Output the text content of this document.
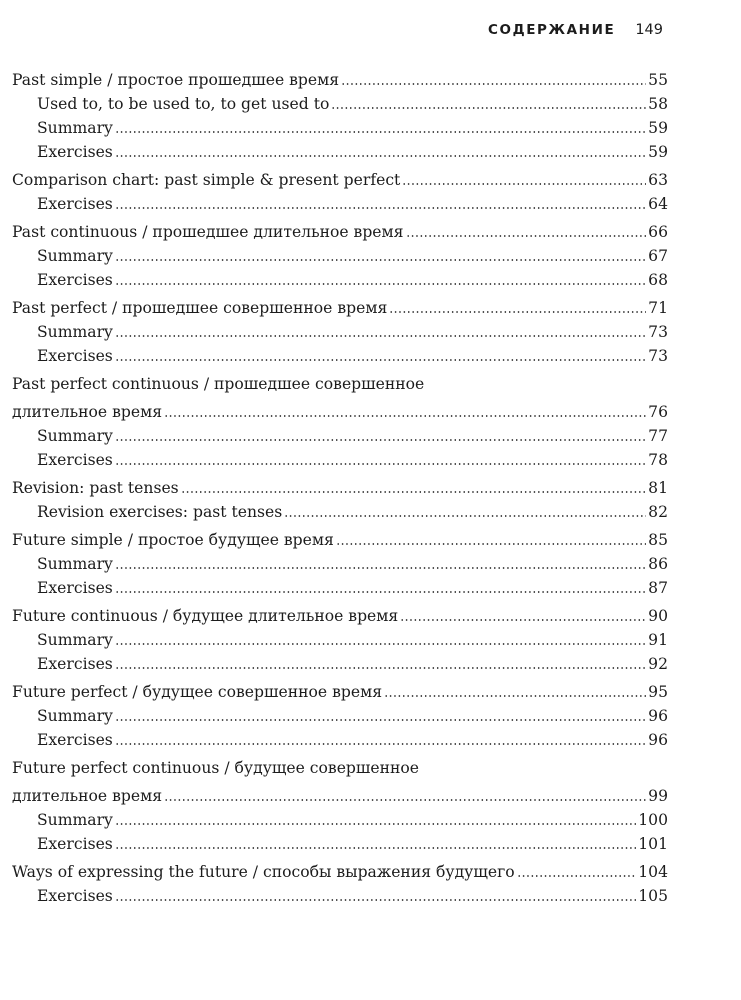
СОДЕРЖАНИЕ 149
Past simple / простое прошедшее время	55
Used to, to be used to, to get used to	58
Summary	59
Exercises	59
Comparison chart: past simple & present perfect	63
Exercises	64
Past continuous / прошедшее длительное время	66
Summary	67
Exercises	68
Past perfect / прошедшее совершенное время	71
Summary	73
Exercises	73
Past perfect continuous / прошедшее совершенное
длительное время	76
Summary	77
Exercises	78
Revision: past tenses	81
Revision exercises: past tenses	82
Future simple / простое будущее время	85
Summary	86
Exercises	87
Future continuous / будущее длительное время	90
Summary	91
Exercises	92
Future perfect / будущее совершенное время	95
Summary	96
Exercises	96
Future perfect continuous / будущее совершенное
длительное время	99
Summary	100
Exercises	101
Ways of expressing the future / способы выражения будущего	104
Exercises	105
